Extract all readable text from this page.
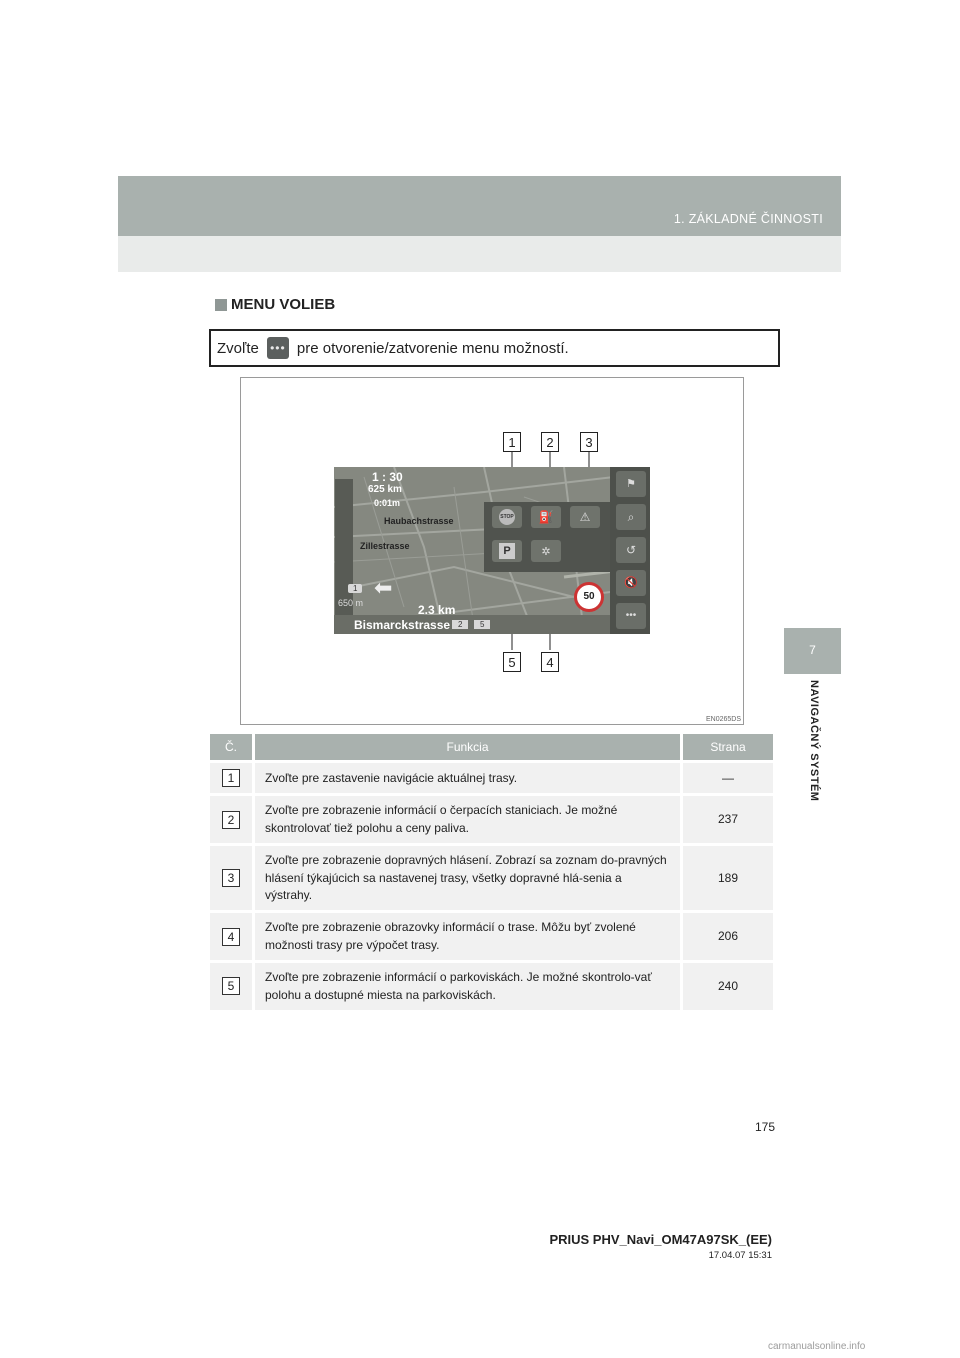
1. ZÁKLADNÉ ČINNOSTI
7
NAVIGAČNÝ SYSTÉM
MENU VOLIEB
Zvoľte ••• pre otvorenie/zatvorenie menu možností.
1	2	3
5	4
1 : 30
625 km
0:01m
Haubachstrasse
Zillestrasse
1 ⬅
650 m	2.3 km
Bismarckstrasse 2	5
STOP ⛽ ⚠
P	✲
⚑
⌕
↺
🔇
•••
50
EN0265DS
Č.	Funkcia	Strana
1	Zvoľte pre zastavenie navigácie aktuálnej trasy.	—
2	Zvoľte pre zobrazenie informácií o čerpacích staniciach. Je možné skontrolovať tiež polohu a ceny paliva.	237
3	Zvoľte pre zobrazenie dopravných hlásení. Zobrazí sa zoznam do-pravných hlásení týkajúcich sa nastavenej trasy, všetky dopravné hlá-senia a výstrahy.	189
4	Zvoľte pre zobrazenie obrazovky informácií o trase. Môžu byť zvolené možnosti trasy pre výpočet trasy.	206
5	Zvoľte pre zobrazenie informácií o parkoviskách. Je možné skontrolo-vať polohu a dostupné miesta na parkoviskách.	240
175
PRIUS PHV_Navi_OM47A97SK_(EE)
17.04.07 15:31
carmanualsonline.info
